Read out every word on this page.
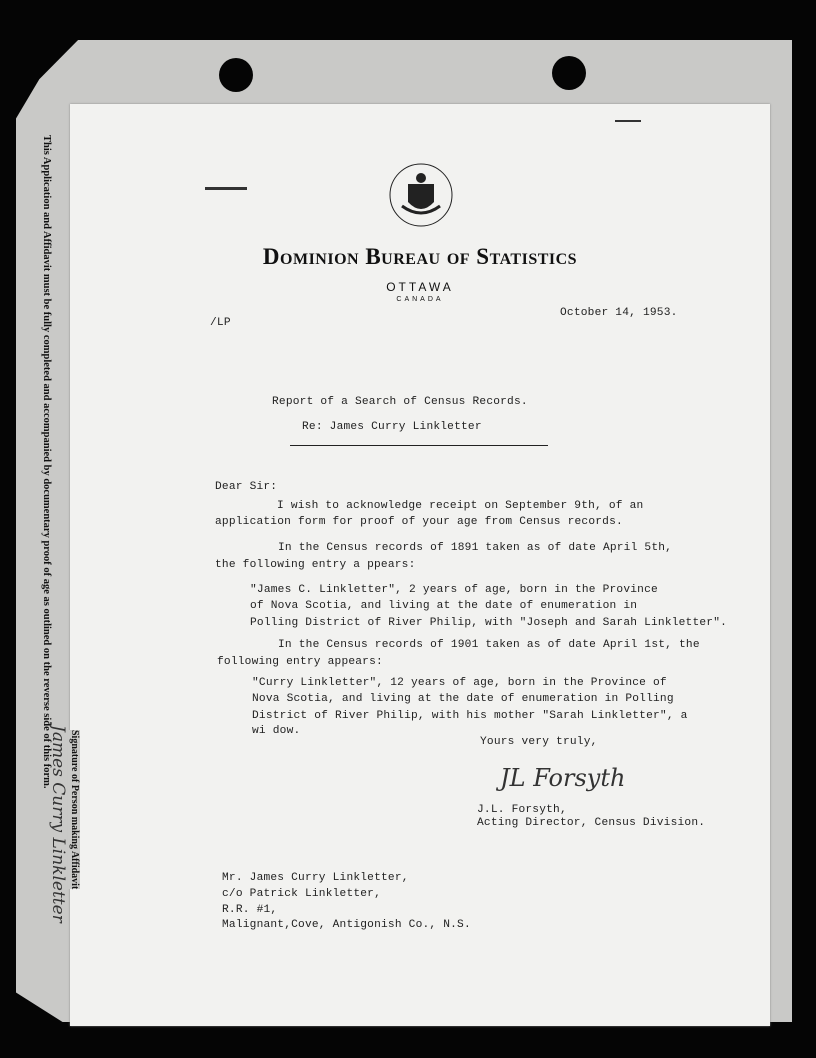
This Application and Affidavit must be fully completed and accompanied by documentary proof of age as outlined on the reverse side of this form.
Signature of Person making Affidavit
James Curry Linkletter
Dominion Bureau of Statistics
OTTAWA
CANADA
October 14, 1953.
/LP
Report of a Search of Census Records.
Re: James Curry Linkletter
Dear Sir:
I wish to acknowledge receipt on September 9th, of an
application form for proof of your age from Census records.
In the Census records of 1891 taken as of date April 5th,
the following entry a ppears:
"James C. Linkletter", 2 years of age, born in the Province
of Nova Scotia, and living at the date of enumeration in
Polling District of River Philip, with "Joseph and Sarah Linkletter".
In the Census records of 1901 taken as of date April 1st, the
following entry appears:
"Curry Linkletter", 12 years of age, born in the Province of
Nova Scotia, and living at the date of enumeration in Polling
District of River Philip, with his mother "Sarah Linkletter", a
wi dow.
Yours very truly,
JL Forsyth
J.L. Forsyth,
Acting Director, Census Division.
Mr. James Curry Linkletter,
c/o Patrick Linkletter,
R.R. #1,
Malignant,Cove, Antigonish Co., N.S.
